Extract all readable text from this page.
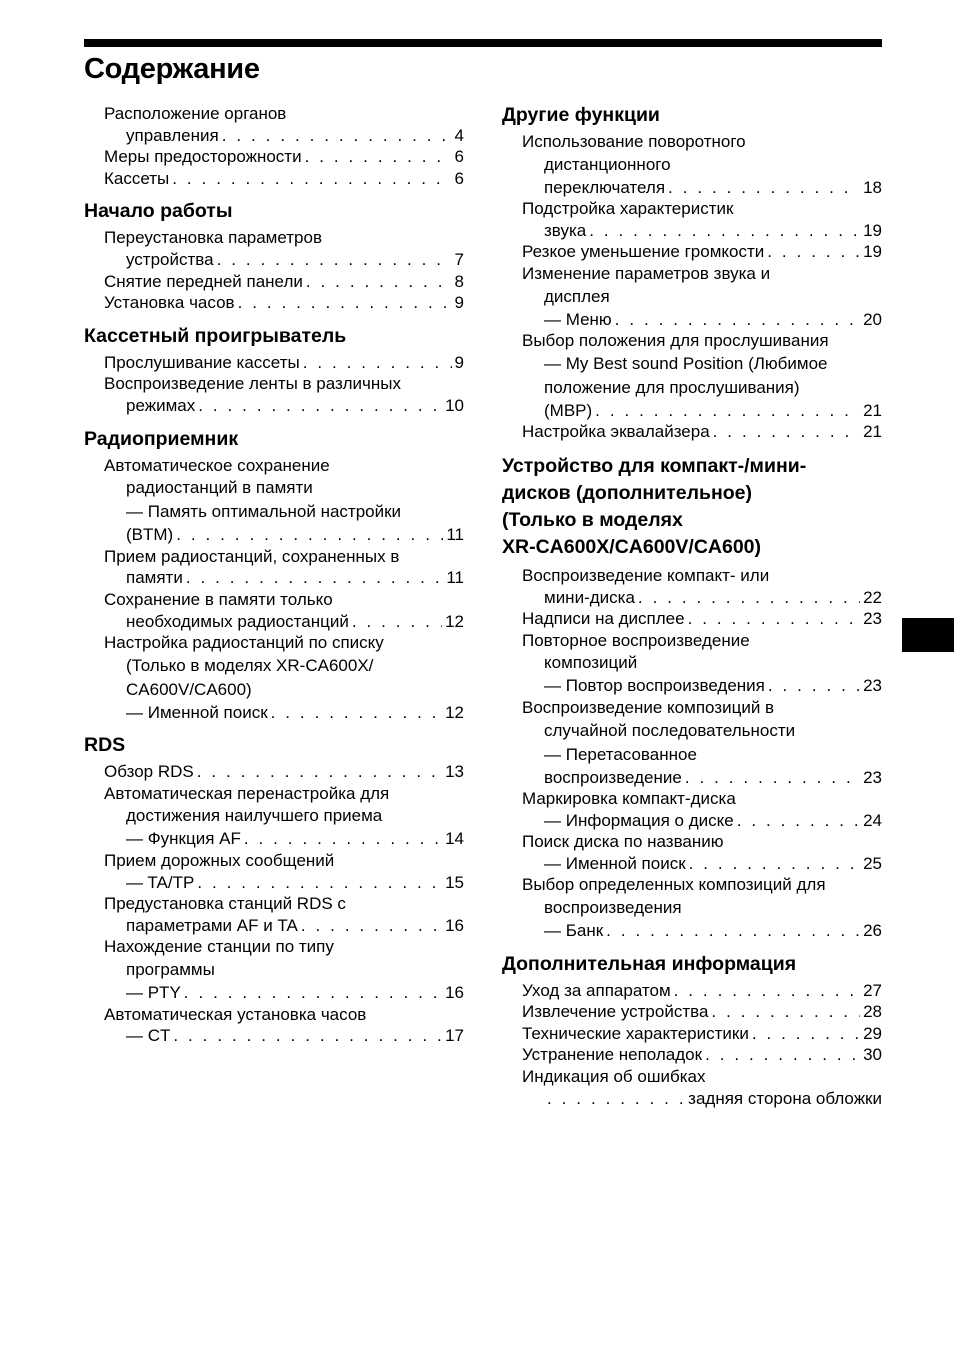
Содержание
Расположение органов
управления . . .	4
Меры предосторожности . . .	6
Кассеты . . .	6
Начало работы
Переустановка параметров
устройства . . .	7
Снятие передней панели . . .	8
Установка часов . . .	9
Кассетный проигрыватель
Прослушивание кассеты . . .	9
Воспроизведение ленты в различных
режимах . . .	10
Радиоприемник
Автоматическое сохранение
радиостанций в памяти
— Память оптимальной настройки
(BTM) . . .	11
Прием радиостанций, сохраненных в
памяти . . .	11
Сохранение в памяти только
необходимых радиостанций . . .	12
Настройка радиостанций по списку
(Только в моделях XR-CA600X/
CA600V/CA600)
— Именной поиск . . .	12
RDS
Обзор RDS . . .	13
Автоматическая перенастройка для
достижения наилучшего приема
— Функция AF . . .	14
Прием дорожных сообщений
— TA/TP . . .	15
Предустановка станций RDS с
параметрами AF и TA . . .	16
Нахождение станции по типу
программы
— PTY . . .	16
Автоматическая установка часов
— CT . . .	17
Другие функции
Использование поворотного
дистанционного
переключателя . . .	18
Подстройка характеристик
звука . . .	19
Резкое уменьшение громкости . . .	19
Изменение параметров звука и
дисплея
— Меню . . .	20
Выбор положения для прослушивания
— My Best sound Position (Любимое
положение для прослушивания)
(MBP) . . .	21
Настройка эквалайзера . . .	21
Устройство для компакт-/мини-
дисков (дополнительное)
(Только в моделях
XR-CA600X/CA600V/CA600)
Воспроизведение компакт- или
мини-диска . . .	22
Надписи на дисплее . . .	23
Повторное воспроизведение
композиций
— Повтор воспроизведения . . .	23
Воспроизведение композиций в
случайной последовательности
— Перетасованное
воспроизведение . . .	23
Маркировка компакт-диска
— Информация о диске . . .	24
Поиск диска по названию
— Именной поиск . . .	25
Выбор определенных композиций для
воспроизведения
— Банк . . .	26
Дополнительная информация
Уход за аппаратом . . .	27
Извлечение устройства . . .	28
Технические характеристики . . .	29
Устранение неполадок . . .	30
Индикация об ошибках
. . .
задняя сторона обложки
